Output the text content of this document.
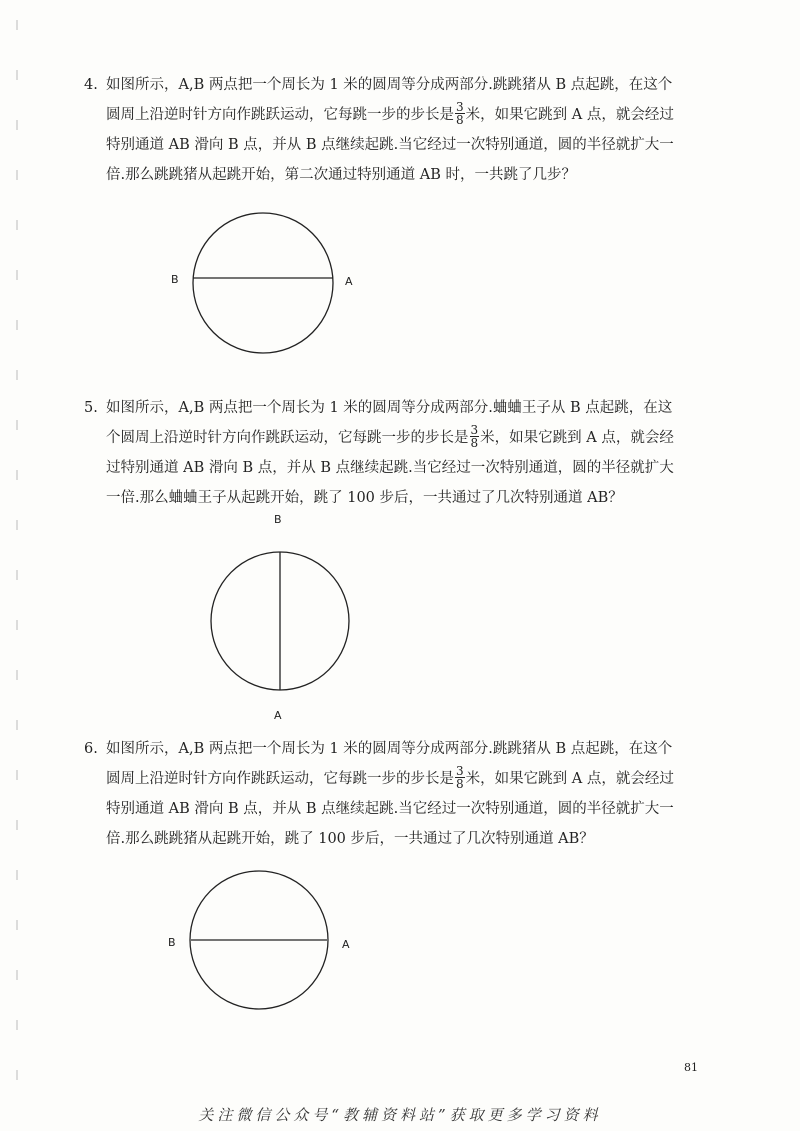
4. 如图所示，A,B 两点把一个周长为 1 米的圆周等分成两部分.跳跳猪从 B 点起跳，在这个
圆周上沿逆时针方向作跳跃运动，它每跳一步的步长是 $\frac{3}{8}$ 米，如果它跳到 A 点，就会经过
特别通道 AB 滑向 B 点，并从 B 点继续起跳.当它经过一次特别通道，圆的半径就扩大一
倍.那么跳跳猪从起跳开始，第二次通过特别通道 AB 时，一共跳了几步？

B	A

5. 如图所示，A,B 两点把一个周长为 1 米的圆周等分成两部分.蛐蛐王子从 B 点起跳，在这
个圆周上沿逆时针方向作跳跃运动，它每跳一步的步长是 $\frac{3}{8}$ 米，如果它跳到 A 点，就会经
过特别通道 AB 滑向 B 点，并从 B 点继续起跳.当它经过一次特别通道，圆的半径就扩大
一倍.那么蛐蛐王子从起跳开始，跳了 100 步后，一共通过了几次特别通道 AB？

B
A

6. 如图所示，A,B 两点把一个周长为 1 米的圆周等分成两部分.跳跳猪从 B 点起跳，在这个
圆周上沿逆时针方向作跳跃运动，它每跳一步的步长是 $\frac{3}{8}$ 米，如果它跳到 A 点，就会经过
特别通道 AB 滑向 B 点，并从 B 点继续起跳.当它经过一次特别通道，圆的半径就扩大一
倍.那么跳跳猪从起跳开始，跳了 100 步后，一共通过了几次特别通道 AB？

B	A
81
关注微信公众号“教辅资料站”获取更多学习资料
